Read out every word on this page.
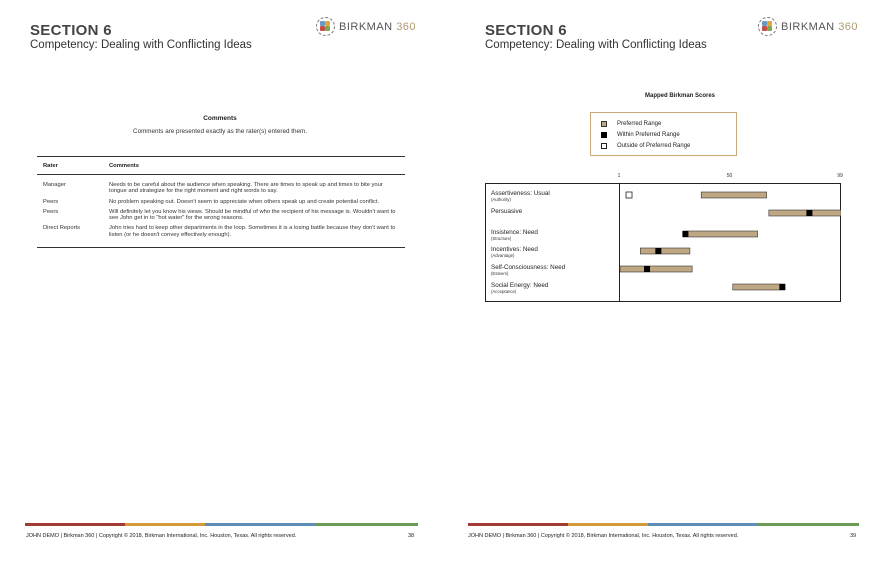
SECTION 6
Competency: Dealing with Conflicting Ideas
BIRKMAN 360
Comments
Comments are presented exactly as the rater(s) entered them.
Rater	Comments
Manager	Needs to be careful about the audience when speaking. There are times to speak up and times to bite your tongue and strategize for the right moment and right words to say.
Peers	No problem speaking out. Doesn't seem to appreciate when others speak up and create potential conflict.
Peers	Will definitely let you know his views. Should be mindful of who the recipient of his message is. Wouldn't want to see John get in to "hot water" for the wrong reasons.
Direct Reports	John tries hard to keep other departments in the loop. Sometimes it is a losing battle because they don't want to listen (or he doesn't convey effectively enough).
JOHN DEMO | Birkman 360 | Copyright © 2018, Birkman International, Inc. Houston, Texas. All rights reserved.	38
SECTION 6
Competency: Dealing with Conflicting Ideas
BIRKMAN 360
Mapped Birkman Scores
Preferred Range
Within Preferred Range
Outside of Preferred Range
1	50	99
Assertiveness: Usual
(Authority)
Persuasive
Insistence: Need
(Structure)
Incentives: Need
(Advantage)
Self-Consciousness: Need
(Esteem)
Social Energy: Need
(Acceptance)
JOHN DEMO | Birkman 360 | Copyright © 2018, Birkman International, Inc. Houston, Texas. All rights reserved.	39
